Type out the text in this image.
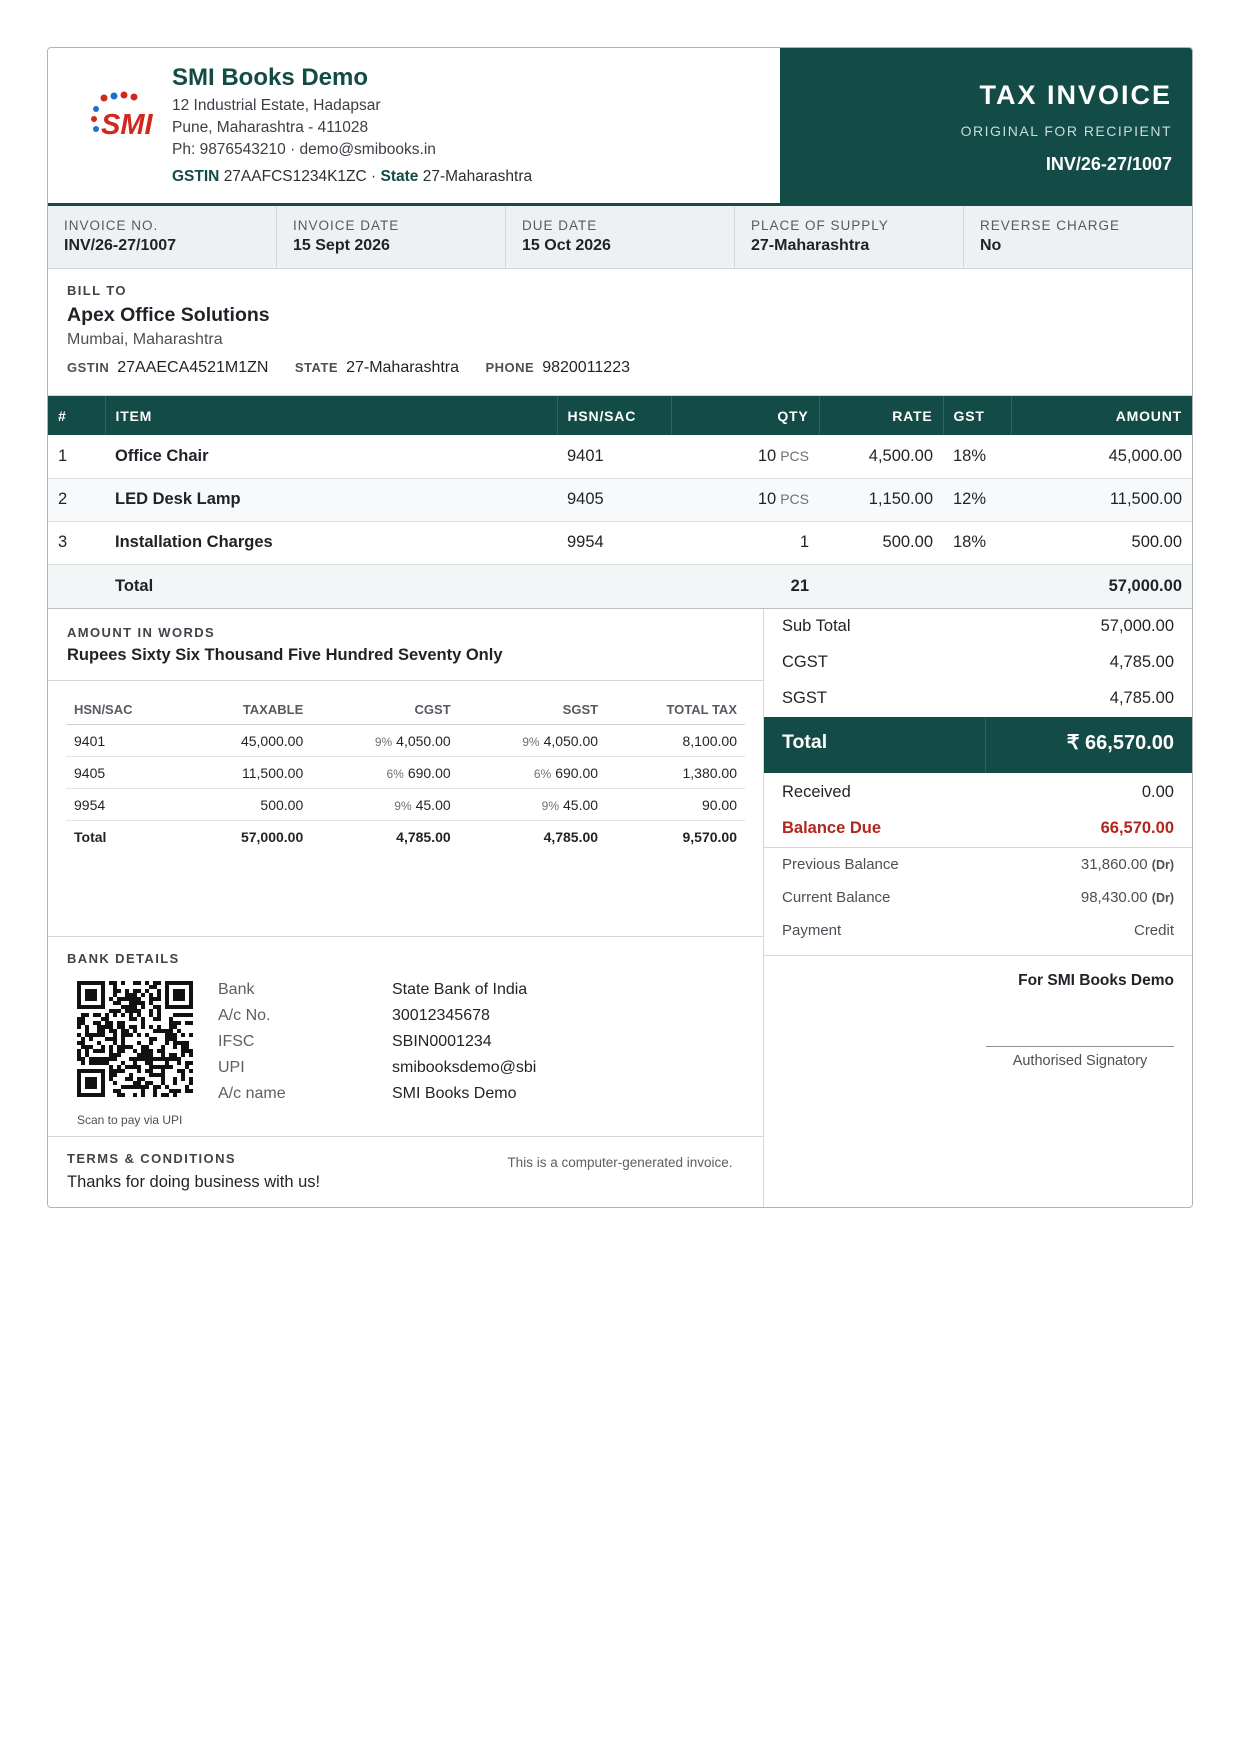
SMI
SMI Books Demo
12 Industrial Estate, Hadapsar
Pune, Maharashtra - 411028
Ph: 9876543210 · demo@smibooks.in
GSTIN 27AAFCS1234K1ZC · State 27-Maharashtra
TAX INVOICE
ORIGINAL FOR RECIPIENT
INV/26-27/1007
INVOICE NO.
INV/26-27/1007
INVOICE DATE
15 Sept 2026
DUE DATE
15 Oct 2026
PLACE OF SUPPLY
27-Maharashtra
REVERSE CHARGE
No
BILL TO
Apex Office Solutions
Mumbai, Maharashtra
GSTIN 27AAECA4521M1ZN STATE 27-Maharashtra PHONE 9820011223
#	ITEM	HSN/SAC	QTY	RATE	GST	AMOUNT
1	Office Chair	9401	10 PCS	4,500.00	18%	45,000.00
2	LED Desk Lamp	9405	10 PCS	1,150.00	12%	11,500.00
3	Installation Charges	9954	1	500.00	18%	500.00
	Total		21			57,000.00
AMOUNT IN WORDS
Rupees Sixty Six Thousand Five Hundred Seventy Only
HSN/SAC	TAXABLE	CGST	SGST	TOTAL TAX
9401	45,000.00	9% 4,050.00	9% 4,050.00	8,100.00
9405	11,500.00	6% 690.00	6% 690.00	1,380.00
9954	500.00	9% 45.00	9% 45.00	90.00
Total	57,000.00	4,785.00	4,785.00	9,570.00
BANK DETAILS
Scan to pay via UPI
Bank	State Bank of India
A/c No.	30012345678
IFSC	SBIN0001234
UPI	smibooksdemo@sbi
A/c name	SMI Books Demo
TERMS & CONDITIONS
Thanks for doing business with us!
Sub Total	57,000.00
CGST	4,785.00
SGST	4,785.00
Total	₹ 66,570.00
Received	0.00
Balance Due	66,570.00
Previous Balance	31,860.00 (Dr)
Current Balance	98,430.00 (Dr)
Payment	Credit
For SMI Books Demo
Authorised Signatory
This is a computer-generated invoice.
